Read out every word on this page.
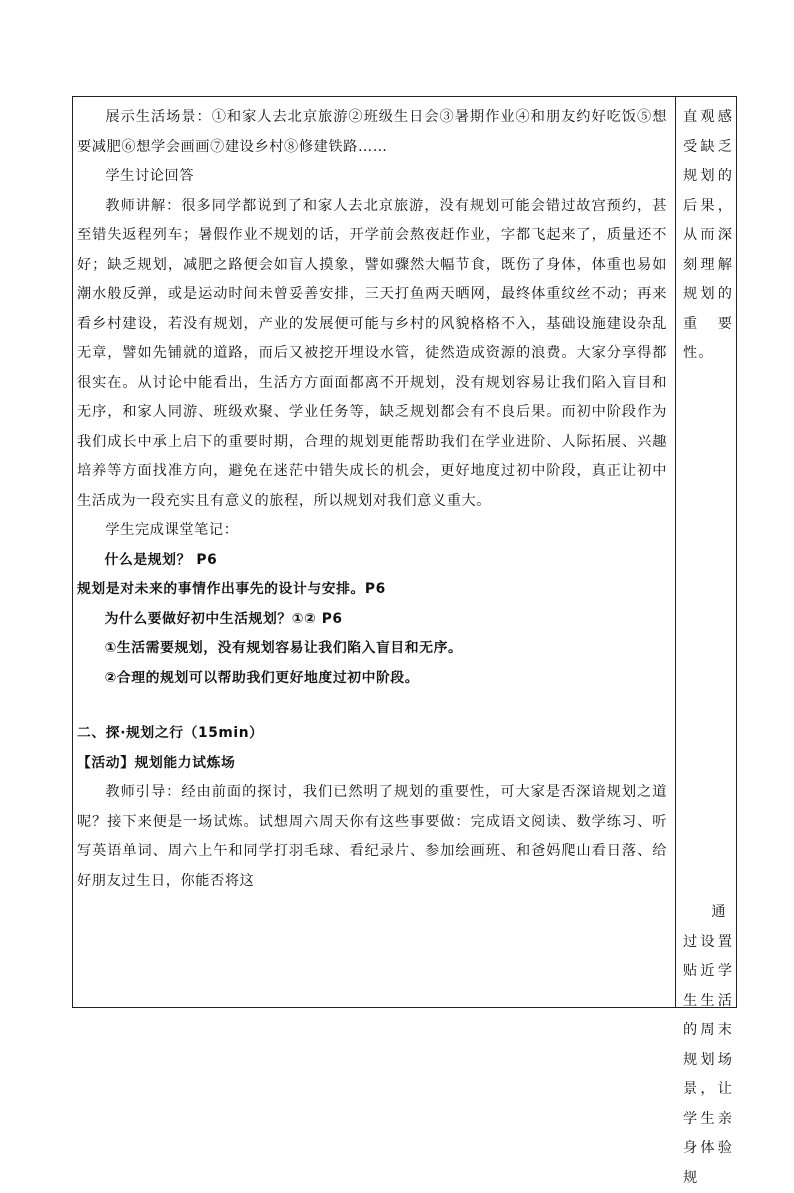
展示生活场景：①和家人去北京旅游②班级生日会③暑期作业④和朋友约好吃饭⑤想要减肥⑥想学会画画⑦建设乡村⑧修建铁路……

学生讨论回答

教师讲解：很多同学都说到了和家人去北京旅游，没有规划可能会错过故宫预约，甚至错失返程列车；暑假作业不规划的话，开学前会熬夜赶作业，字都飞起来了，质量还不好；缺乏规划，减肥之路便会如盲人摸象，譬如骤然大幅节食，既伤了身体，体重也易如潮水般反弹，或是运动时间未曾妥善安排，三天打鱼两天晒网，最终体重纹丝不动；再来看乡村建设，若没有规划，产业的发展便可能与乡村的风貌格格不入，基础设施建设杂乱无章，譬如先铺就的道路，而后又被挖开埋设水管，徒然造成资源的浪费。大家分享得都很实在。从讨论中能看出，生活方方面面都离不开规划，没有规划容易让我们陷入盲目和无序，和家人同游、班级欢聚、学业任务等，缺乏规划都会有不良后果。而初中阶段作为我们成长中承上启下的重要时期，合理的规划更能帮助我们在学业进阶、人际拓展、兴趣培养等方面找准方向，避免在迷茫中错失成长的机会，更好地度过初中阶段，真正让初中生活成为一段充实且有意义的旅程，所以规划对我们意义重大。

学生完成课堂笔记：

什么是规划？ P6

规划是对未来的事情作出事先的设计与安排。P6

为什么要做好初中生活规划？①② P6

①生活需要规划，没有规划容易让我们陷入盲目和无序。

②合理的规划可以帮助我们更好地度过初中阶段。

二、探·规划之行（15min）

【活动】规划能力试炼场

教师引导：经由前面的探讨，我们已然明了规划的重要性，可大家是否深谙规划之道呢？接下来便是一场试炼。试想周六周天你有这些事要做：完成语文阅读、数学练习、听写英语单词、周六上午和同学打羽毛球、看纪录片、参加绘画班、和爸妈爬山看日落、给好朋友过生日，你能否将这

直观感受缺乏规划的后果，从而深刻理解规划的重要性。

通过设置贴近学生生活的周末规划场景，让学生亲身体验规
